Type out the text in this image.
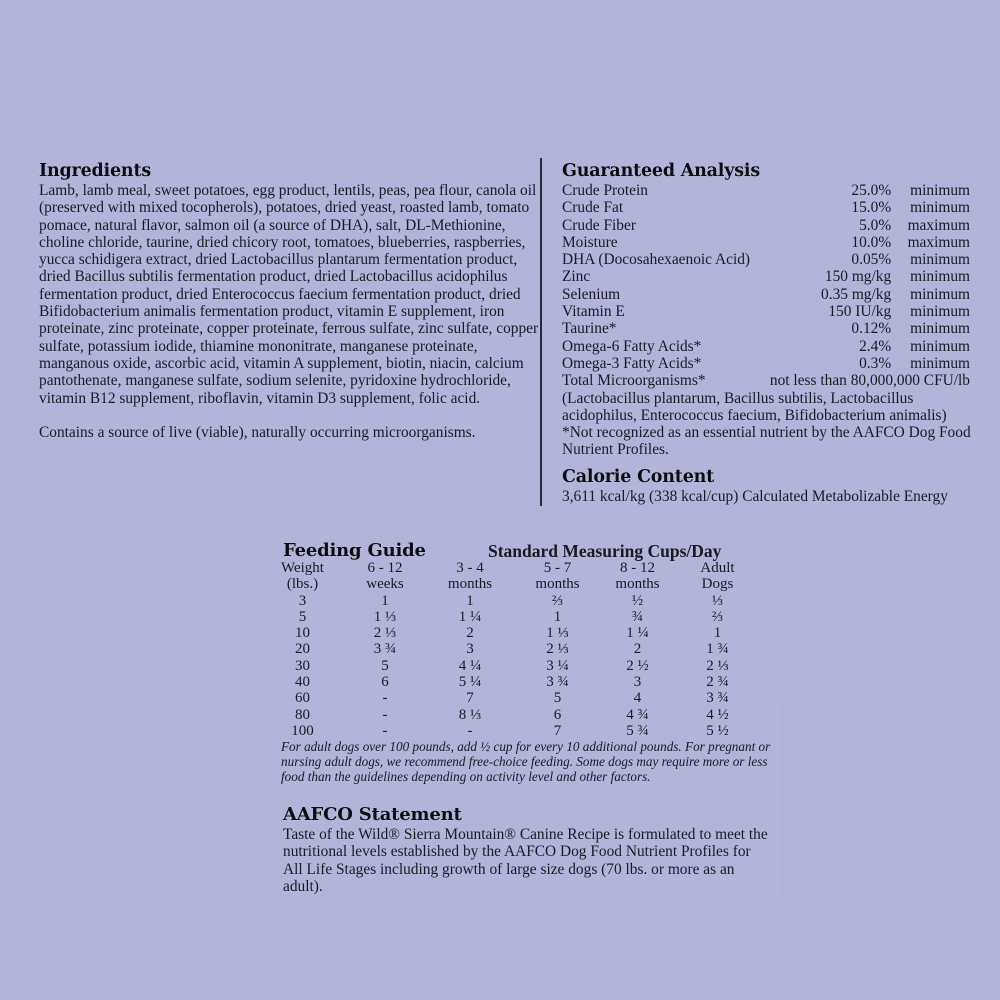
Ingredients

Lamb, lamb meal, sweet potatoes, egg product, lentils, peas, pea flour, canola oil (preserved with mixed tocopherols), potatoes, dried yeast, roasted lamb, tomato pomace, natural flavor, salmon oil (a source of DHA), salt, DL-Methionine, choline chloride, taurine, dried chicory root, tomatoes, blueberries, raspberries, yucca schidigera extract, dried Lactobacillus plantarum fermentation product, dried Bacillus subtilis fermentation product, dried Lactobacillus acidophilus fermentation product, dried Enterococcus faecium fermentation product, dried Bifidobacterium animalis fermentation product, vitamin E supplement, iron proteinate, zinc proteinate, copper proteinate, ferrous sulfate, zinc sulfate, copper sulfate, potassium iodide, thiamine mononitrate, manganese proteinate, manganous oxide, ascorbic acid, vitamin A supplement, biotin, niacin, calcium pantothenate, manganese sulfate, sodium selenite, pyridoxine hydrochloride, vitamin B12 supplement, riboflavin, vitamin D3 supplement, folic acid.

Contains a source of live (viable), naturally occurring microorganisms.

Guaranteed Analysis
Crude Protein	25.0%	minimum
Crude Fat	15.0%	minimum
Crude Fiber	5.0%	maximum
Moisture	10.0%	maximum
DHA (Docosahexaenoic Acid)	0.05%	minimum
Zinc	150 mg/kg	minimum
Selenium	0.35 mg/kg	minimum
Vitamin E	150 IU/kg	minimum
Taurine*	0.12%	minimum
Omega-6 Fatty Acids*	2.4%	minimum
Omega-3 Fatty Acids*	0.3%	minimum
Total Microorganisms*	not less than 80,000,000 CFU/lb	

(Lactobacillus plantarum, Bacillus subtilis, Lactobacillus acidophilus, Enterococcus faecium, Bifidobacterium animalis)

*Not recognized as an essential nutrient by the AAFCO Dog Food Nutrient Profiles.

Calorie Content

3,611 kcal/kg (338 kcal/cup) Calculated Metabolizable Energy

Feeding Guide	Standard Measuring Cups/Day
Weight	6 - 12	3 - 4	5 - 7	8 - 12	Adult
(lbs.)	weeks	months	months	months	Dogs
3	1	1	⅔	½	⅓
5	1 ⅓	1 ¼	1	¾	⅔
10	2 ⅓	2	1 ⅓	1 ¼	1
20	3 ¾	3	2 ⅓	2	1 ¾
30	5	4 ¼	3 ¼	2 ½	2 ⅓
40	6	5 ¼	3 ¾	3	2 ¾
60	-	7	5	4	3 ¾
80	-	8 ⅓	6	4 ¾	4 ½
100	-	-	7	5 ¾	5 ½

For adult dogs over 100 pounds, add ½ cup for every 10 additional pounds. For pregnant or nursing adult dogs, we recommend free-choice feeding. Some dogs may require more or less food than the guidelines depending on activity level and other factors.

AAFCO Statement

Taste of the Wild® Sierra Mountain® Canine Recipe is formulated to meet the nutritional levels established by the AAFCO Dog Food Nutrient Profiles for All Life Stages including growth of large size dogs (70 lbs. or more as an adult).
